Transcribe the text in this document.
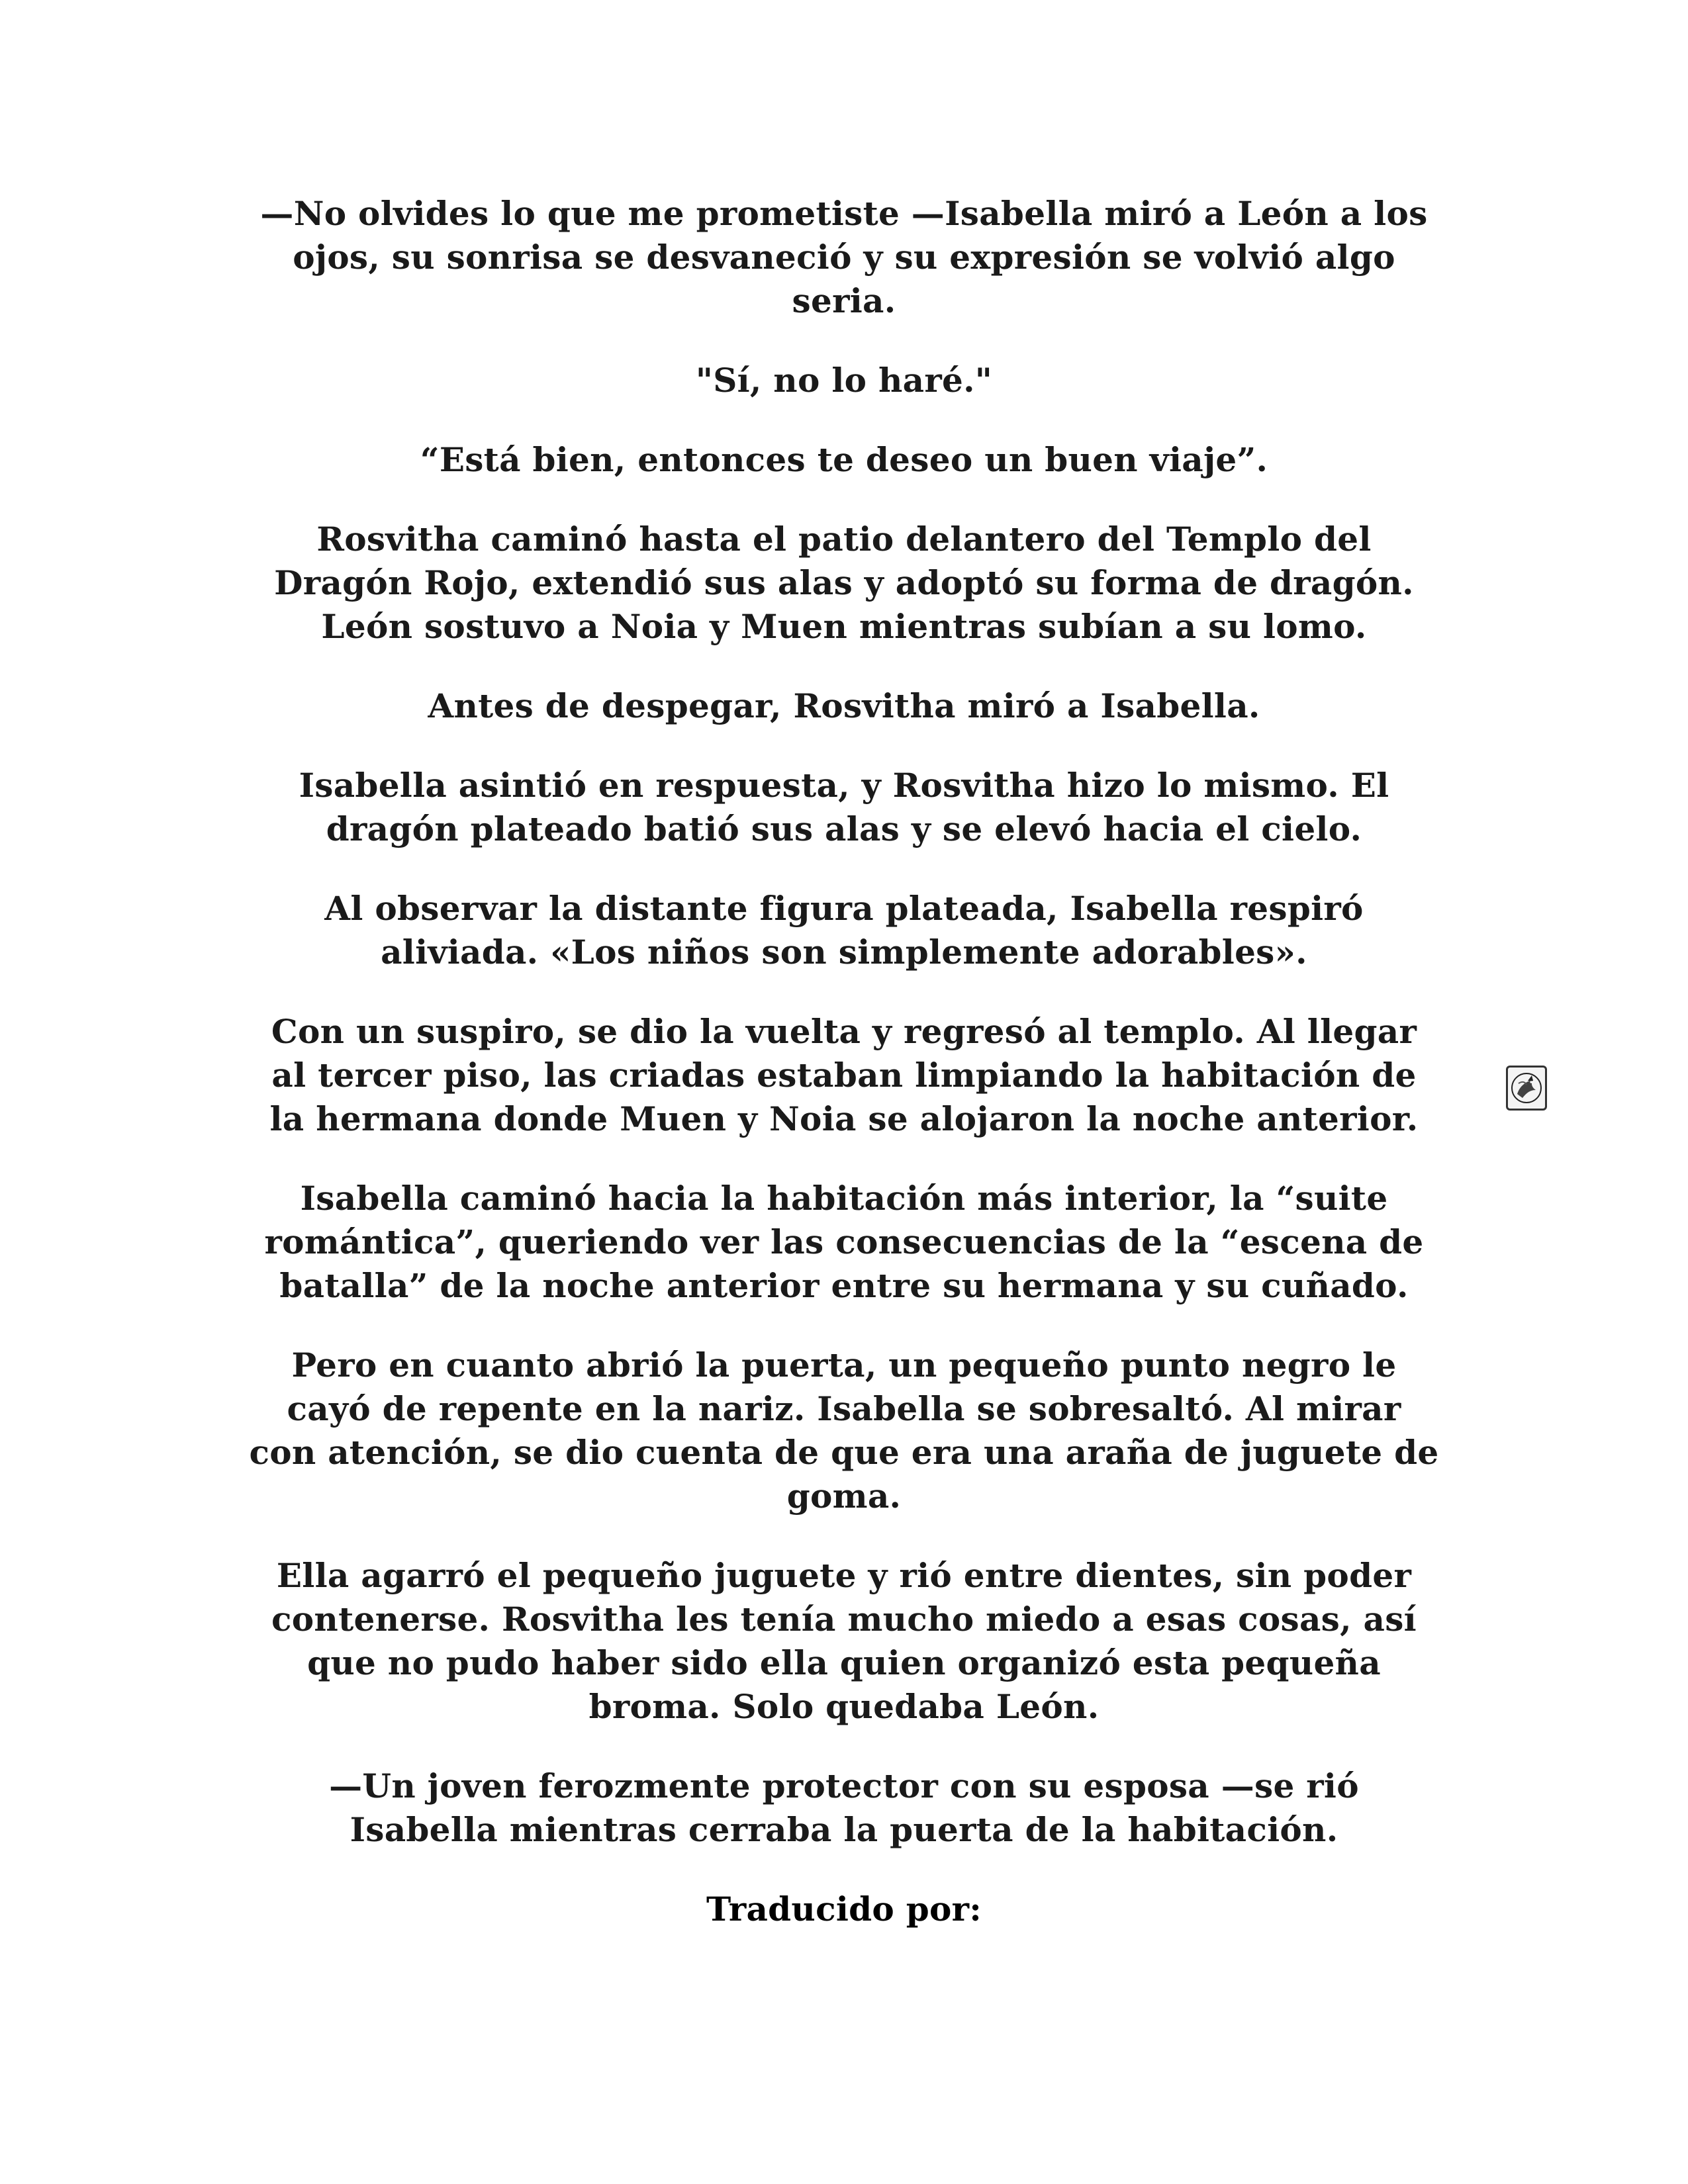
—No olvides lo que me prometiste —Isabella miró a León a los
ojos, su sonrisa se desvaneció y su expresión se volvió algo
seria.

"Sí, no lo haré."

“Está bien, entonces te deseo un buen viaje”.

Rosvitha caminó hasta el patio delantero del Templo del
Dragón Rojo, extendió sus alas y adoptó su forma de dragón.
León sostuvo a Noia y Muen mientras subían a su lomo.

Antes de despegar, Rosvitha miró a Isabella.

Isabella asintió en respuesta, y Rosvitha hizo lo mismo. El
dragón plateado batió sus alas y se elevó hacia el cielo.

Al observar la distante figura plateada, Isabella respiró
aliviada. «Los niños son simplemente adorables».

Con un suspiro, se dio la vuelta y regresó al templo. Al llegar
al tercer piso, las criadas estaban limpiando la habitación de
la hermana donde Muen y Noia se alojaron la noche anterior.

Isabella caminó hacia la habitación más interior, la “suite
romántica”, queriendo ver las consecuencias de la “escena de
batalla” de la noche anterior entre su hermana y su cuñado.

Pero en cuanto abrió la puerta, un pequeño punto negro le
cayó de repente en la nariz. Isabella se sobresaltó. Al mirar
con atención, se dio cuenta de que era una araña de juguete de
goma.

Ella agarró el pequeño juguete y rió entre dientes, sin poder
contenerse. Rosvitha les tenía mucho miedo a esas cosas, así
que no pudo haber sido ella quien organizó esta pequeña
broma. Solo quedaba León.

—Un joven ferozmente protector con su esposa —se rió
Isabella mientras cerraba la puerta de la habitación.

Traducido por:
